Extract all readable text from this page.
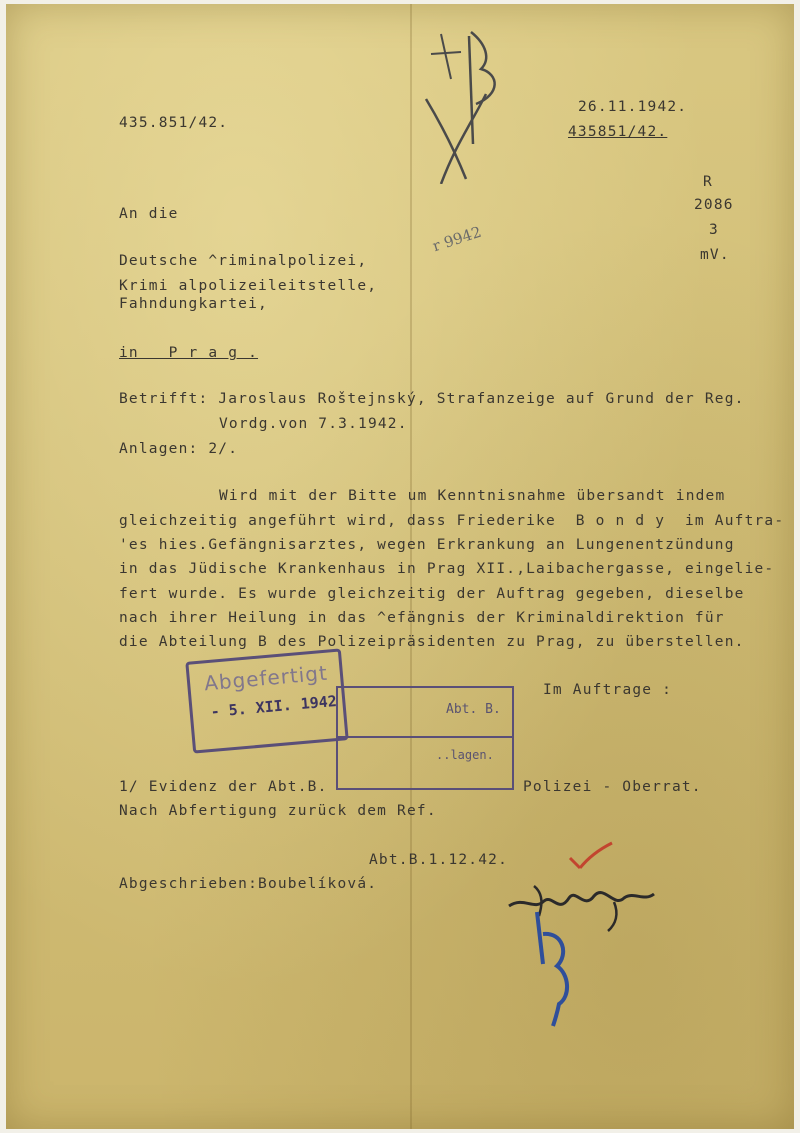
435.851/42.
26.11.1942.
435851/42.
R
2086
3
mV.
r 9942
An die
Deutsche ^riminalpolizei,
Krimi alpolizeileitstelle,
Fahndungkartei,
in   P r a g .
Betrifft: Jaroslaus Roštejnský, Strafanzeige auf Grund der Reg.
Vordg.von 7.3.1942.
Anlagen: 2/.
Wird mit der Bitte um Kenntnisnahme übersandt indem
gleichzeitig angeführt wird, dass Friederike  B o n d y  im Auftra-
'es hies.Gefängnisarztes, wegen Erkrankung an Lungenentzündung
in das Jüdische Krankenhaus in Prag XII.,Laibachergasse, eingelie-
fert wurde. Es wurde gleichzeitig der Auftrag gegeben, dieselbe
nach ihrer Heilung in das ^efängnis der Kriminaldirektion für
die Abteilung B des Polizeipräsidenten zu Prag, zu überstellen.
Im Auftrage :
Polizei - Oberrat.
Abgefertigt
- 5. XII. 1942	Abt. B.
..lagen.
1/ Evidenz der Abt.B.
Nach Abfertigung zurück dem Ref.
Abt.B.1.12.42.
Abgeschrieben:Boubelíková.
